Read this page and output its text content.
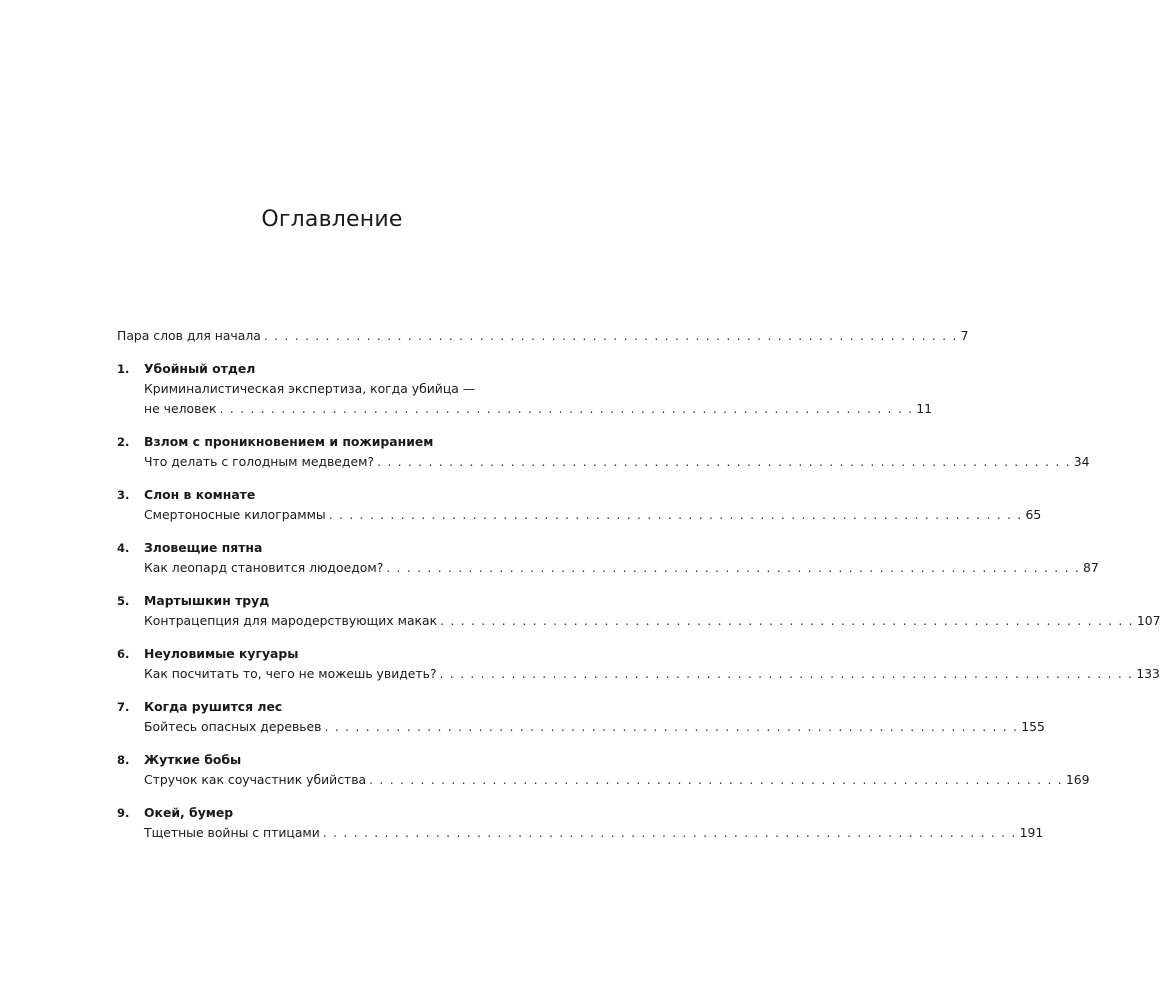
Оглавление
Пара слов для начала . . . . . . . . . . . . . . . . . . . . . . . . . . . . . . . . . . . . . . . . . . . . . . . . . . . . . . . . . . . . . . . . . . . . 7
1.	Убойный отдел
Криминалистическая экспертиза, когда убийца —
не человек . . . . . . . . . . . . . . . . . . . . . . . . . . . . . . . . . . . . . . . . . . . . . . . . . . . . . . . . . . . . . . . . . . . . 11
2.	Взлом с проникновением и пожиранием
Что делать с голодным медведем? . . . . . . . . . . . . . . . . . . . . . . . . . . . . . . . . . . . . . . . . . . . . . . . . . . . . . . . . . . . . . . . . . . . . 34
3.	Слон в комнате
Смертоносные килограммы . . . . . . . . . . . . . . . . . . . . . . . . . . . . . . . . . . . . . . . . . . . . . . . . . . . . . . . . . . . . . . . . . . . . 65
4.	Зловещие пятна
Как леопард становится людоедом? . . . . . . . . . . . . . . . . . . . . . . . . . . . . . . . . . . . . . . . . . . . . . . . . . . . . . . . . . . . . . . . . . . . . 87
5.	Мартышкин труд
Контрацепция для мародерствующих макак . . . . . . . . . . . . . . . . . . . . . . . . . . . . . . . . . . . . . . . . . . . . . . . . . . . . . . . . . . . . . . . . . . . . 107
6.	Неуловимые кугуары
Как посчитать то, чего не можешь увидеть? . . . . . . . . . . . . . . . . . . . . . . . . . . . . . . . . . . . . . . . . . . . . . . . . . . . . . . . . . . . . . . . . . . . . 133
7.	Когда рушится лес
Бойтесь опасных деревьев . . . . . . . . . . . . . . . . . . . . . . . . . . . . . . . . . . . . . . . . . . . . . . . . . . . . . . . . . . . . . . . . . . . . 155
8.	Жуткие бобы
Стручок как соучастник убийства . . . . . . . . . . . . . . . . . . . . . . . . . . . . . . . . . . . . . . . . . . . . . . . . . . . . . . . . . . . . . . . . . . . . 169
9.	Окей, бумер
Тщетные войны с птицами . . . . . . . . . . . . . . . . . . . . . . . . . . . . . . . . . . . . . . . . . . . . . . . . . . . . . . . . . . . . . . . . . . . . 191
